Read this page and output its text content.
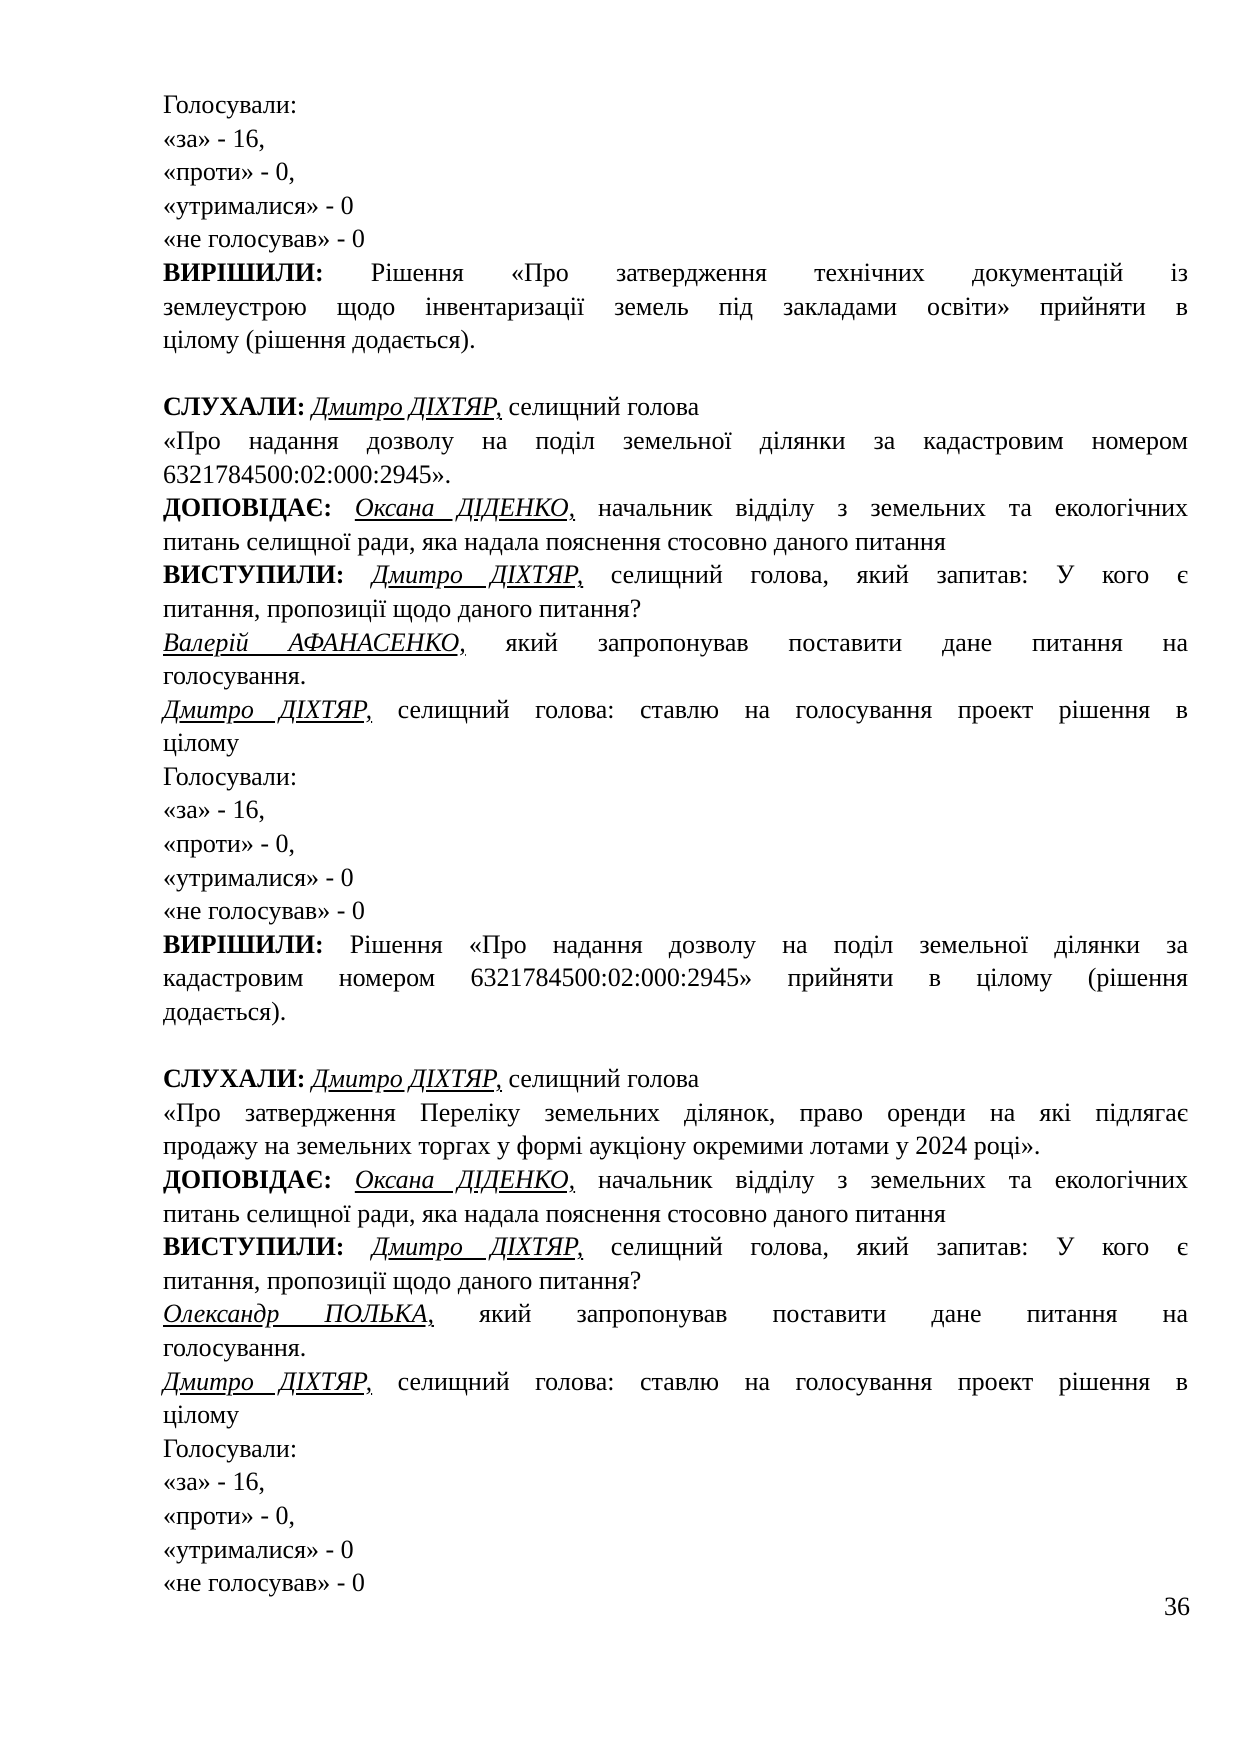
Голосували:
«за» - 16,
«проти» - 0,
«утрималися» - 0
«не голосував» - 0
ВИРІШИЛИ: Рішення «Про затвердження технічних документацій із
землеустрою щодо інвентаризації земель під закладами освіти» прийняти в
цілому (рішення додається).
СЛУХАЛИ: Дмитро ДІХТЯР, селищний голова
«Про надання дозволу на поділ земельної ділянки за кадастровим номером
6321784500:02:000:2945».
ДОПОВІДАЄ: Оксана ДІДЕНКО, начальник відділу з земельних та екологічних
питань селищної ради, яка надала пояснення стосовно даного питання
ВИСТУПИЛИ: Дмитро ДІХТЯР, селищний голова, який запитав: У кого є
питання, пропозиції щодо даного питання?
Валерій АФАНАСЕНКО, який запропонував поставити дане питання на
голосування.
Дмитро ДІХТЯР, селищний голова: ставлю на голосування проект рішення в
цілому
Голосували:
«за» - 16,
«проти» - 0,
«утрималися» - 0
«не голосував» - 0
ВИРІШИЛИ: Рішення «Про надання дозволу на поділ земельної ділянки за
кадастровим номером 6321784500:02:000:2945» прийняти в цілому (рішення
додається).
СЛУХАЛИ: Дмитро ДІХТЯР, селищний голова
«Про затвердження Переліку земельних ділянок, право оренди на які підлягає
продажу на земельних торгах у формі аукціону окремими лотами у 2024 році».
ДОПОВІДАЄ: Оксана ДІДЕНКО, начальник відділу з земельних та екологічних
питань селищної ради, яка надала пояснення стосовно даного питання
ВИСТУПИЛИ: Дмитро ДІХТЯР, селищний голова, який запитав: У кого є
питання, пропозиції щодо даного питання?
Олександр ПОЛЬКА, який запропонував поставити дане питання на
голосування.
Дмитро ДІХТЯР, селищний голова: ставлю на голосування проект рішення в
цілому
Голосували:
«за» - 16,
«проти» - 0,
«утрималися» - 0
«не голосував» - 0
36
